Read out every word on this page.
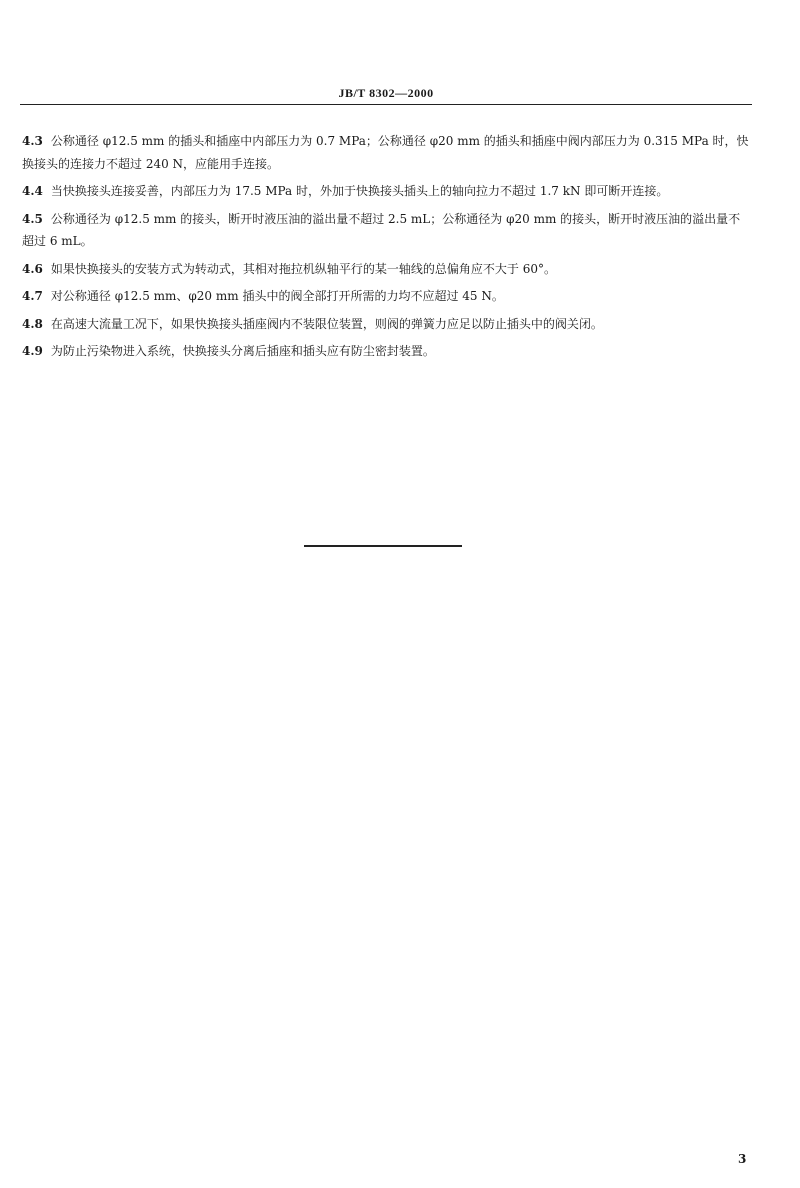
JB/T 8302—2000

4.3 公称通径 φ12.5 mm 的插头和插座中内部压力为 0.7 MPa；公称通径 φ20 mm 的插头和插座中阀内部压力为 0.315 MPa 时，快换接头的连接力不超过 240 N，应能用手连接。

4.4 当快换接头连接妥善，内部压力为 17.5 MPa 时，外加于快换接头插头上的轴向拉力不超过 1.7 kN 即可断开连接。

4.5 公称通径为 φ12.5 mm 的接头，断开时液压油的溢出量不超过 2.5 mL；公称通径为 φ20 mm 的接头，断开时液压油的溢出量不超过 6 mL。

4.6 如果快换接头的安装方式为转动式，其相对拖拉机纵轴平行的某一轴线的总偏角应不大于 60°。

4.7 对公称通径 φ12.5 mm、φ20 mm 插头中的阀全部打开所需的力均不应超过 45 N。

4.8 在高速大流量工况下，如果快换接头插座阀内不装限位装置，则阀的弹簧力应足以防止插头中的阀关闭。

4.9 为防止污染物进入系统，快换接头分离后插座和插头应有防尘密封装置。

3
